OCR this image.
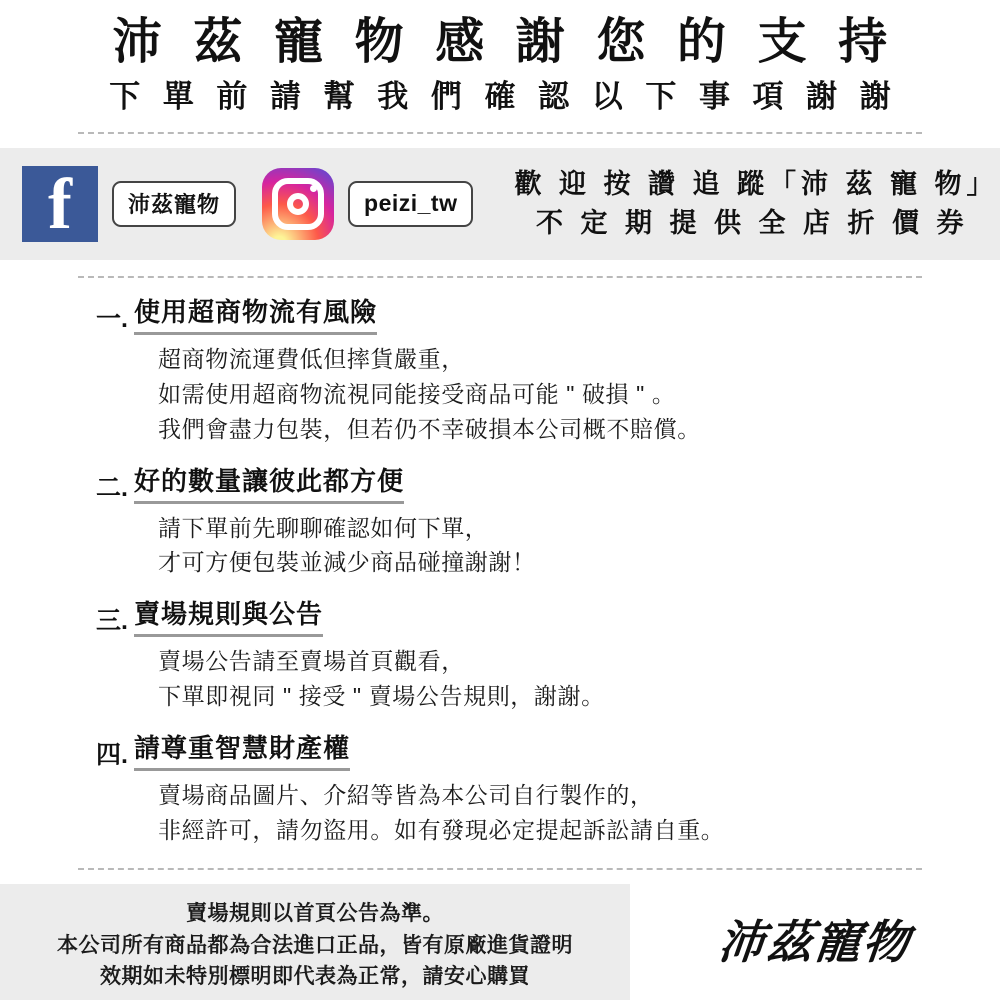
沛 茲 寵 物 感 謝 您 的 支 持
下 單 前 請 幫 我 們 確 認 以 下 事 項 謝 謝
f	沛茲寵物	peizi_tw
歡 迎 按 讚 追 蹤「沛 茲 寵 物」
不 定 期 提 供 全 店 折 價 券
一. 使用超商物流有風險
超商物流運費低但摔貨嚴重，
如需使用超商物流視同能接受商品可能 " 破損 " 。
我們會盡力包裝，但若仍不幸破損本公司概不賠償。
二. 好的數量讓彼此都方便
請下單前先聊聊確認如何下單，
才可方便包裝並減少商品碰撞謝謝！
三. 賣場規則與公告
賣場公告請至賣場首頁觀看，
下單即視同 " 接受 " 賣場公告規則，謝謝。
四. 請尊重智慧財產權
賣場商品圖片、介紹等皆為本公司自行製作的，
非經許可，請勿盜用。如有發現必定提起訴訟請自重。
賣場規則以首頁公告為準。
本公司所有商品都為合法進口正品，皆有原廠進貨證明
效期如未特別標明即代表為正常，請安心購買
沛茲寵物
